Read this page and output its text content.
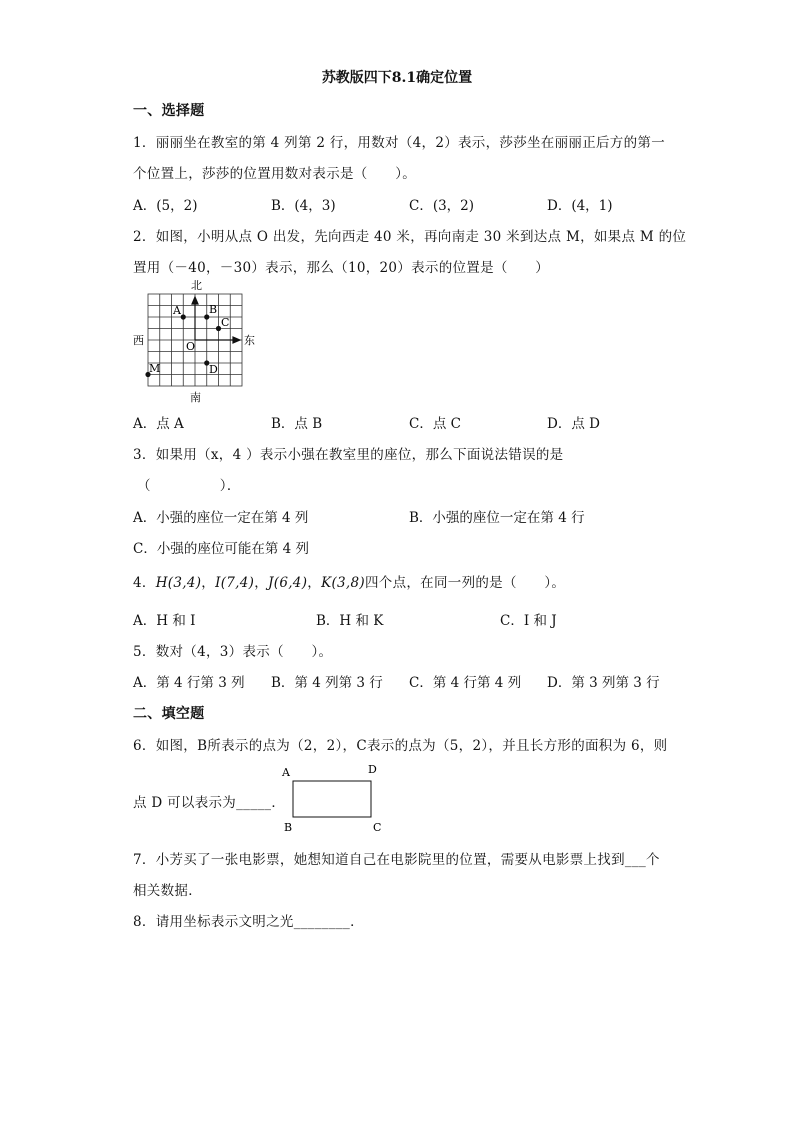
苏教版四下8.1确定位置
一、选择题
1．丽丽坐在教室的第 4 列第 2 行，用数对（4，2）表示，莎莎坐在丽丽正后方的第一
个位置上，莎莎的位置用数对表示是（　　）。
A．(5，2)	B．(4，3)	C．(3，2)	D．(4，1)
2．如图，小明从点 O 出发，先向西走 40 米，再向南走 30 米到达点 M，如果点 M 的位
置用（－40，－30）表示，那么（10，20）表示的位置是（　　）
北
南
西	东
A	B
C
D
O
M
A．点 A	B．点 B	C．点 C	D．点 D
3．如果用（x，4 ）表示小强在教室里的座位，那么下面说法错误的是
（　　　　　）．
A．小强的座位一定在第 4 列	B．小强的座位一定在第 4 行
C．小强的座位可能在第 4 列
4．H(3,4)，I(7,4)，J(6,4)，K(3,8)四个点，在同一列的是（　　）。
A．H 和 I	B．H 和 K	C．I 和 J
5．数对（4，3）表示（　　）。
A．第 4 行第 3 列 B．第 4 列第 3 行 C．第 4 行第 4 列 D．第 3 列第 3 行
二、填空题
6．如图，B所表示的点为（2，2），C表示的点为（5，2），并且长方形的面积为 6，则
A	D
B	C
点 D 可以表示为_____．
7．小芳买了一张电影票，她想知道自己在电影院里的位置，需要从电影票上找到___个
相关数据．
8．请用坐标表示文明之光________．
